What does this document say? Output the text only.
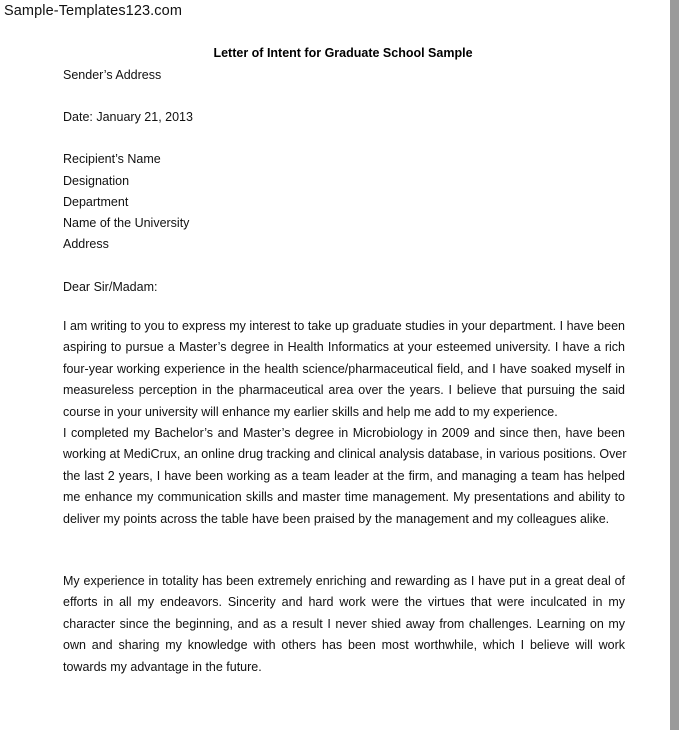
Sample-Templates123.com
Letter of Intent for Graduate School Sample
Sender’s Address
Date: January 21, 2013
Recipient’s Name
Designation
Department
Name of the University
Address
Dear Sir/Madam:
I am writing to you to express my interest to take up graduate studies in your department. I have been
aspiring to pursue a Master’s degree in Health Informatics at your esteemed university. I have a rich
four-year working experience in the health science/pharmaceutical field, and I have soaked myself in
measureless perception in the pharmaceutical area over the years. I believe that pursuing the said
course in your university will enhance my earlier skills and help me add to my experience.
I completed my Bachelor’s and Master’s degree in Microbiology in 2009 and since then, have been
working at MediCrux, an online drug tracking and clinical analysis database, in various positions. Over
the last 2 years, I have been working as a team leader at the firm, and managing a team has helped
me enhance my communication skills and master time management. My presentations and ability to
deliver my points across the table have been praised by the management and my colleagues alike.
My experience in totality has been extremely enriching and rewarding as I have put in a great deal of
efforts in all my endeavors. Sincerity and hard work were the virtues that were inculcated in my
character since the beginning, and as a result I never shied away from challenges. Learning on my
own and sharing my knowledge with others has been most worthwhile, which I believe will work
towards my advantage in the future.
